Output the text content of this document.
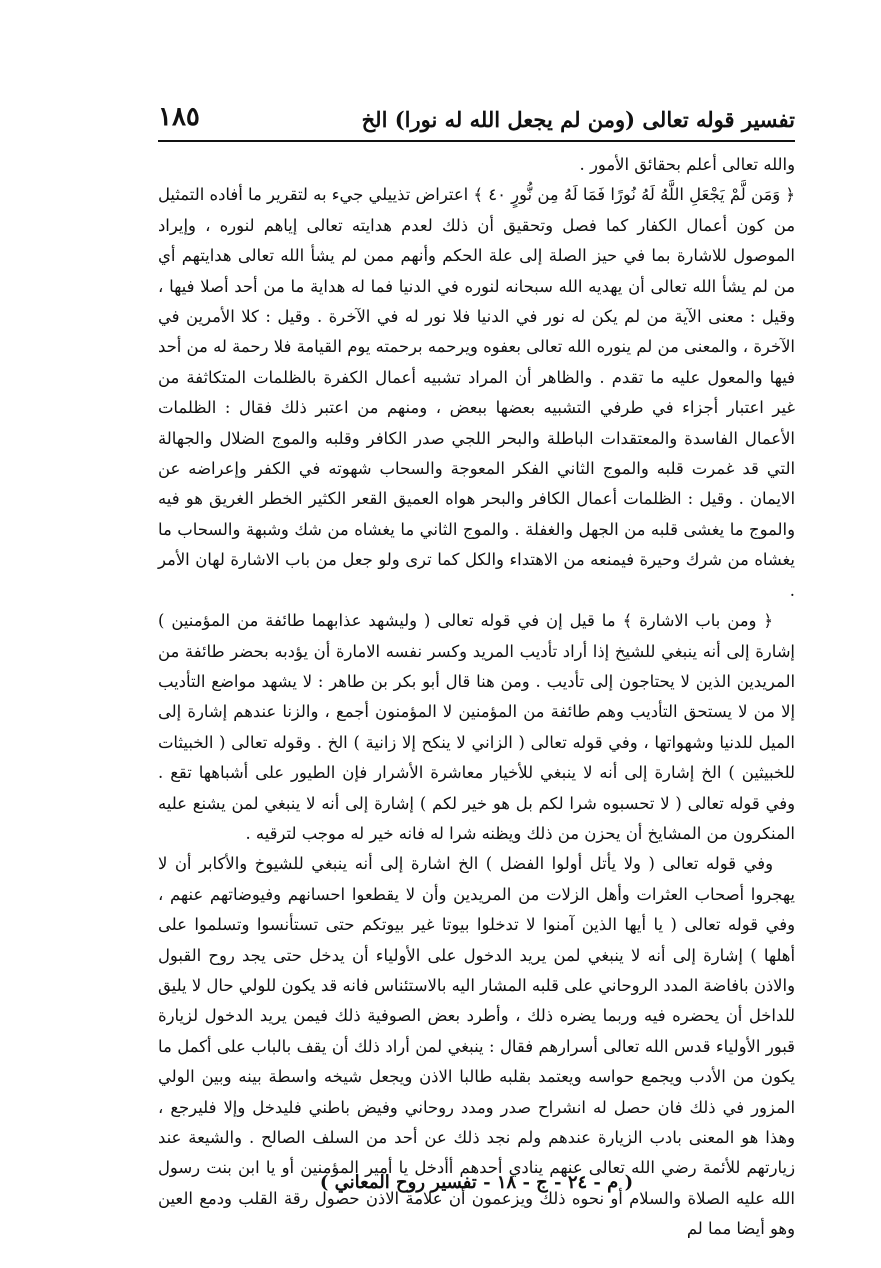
تفسير قوله تعالى (ومن لم يجعل الله له نورا) الخ
١٨٥

والله تعالى أعلم بحقائق الأمور .

﴿ وَمَن لَّمْ يَجْعَلِ اللَّهُ لَهُ نُورًا فَمَا لَهُ مِن نُّورٍ ٤٠ ﴾ اعتراض تذييلي جيء به لتقرير ما أفاده التمثيل من كون أعمال الكفار كما فصل وتحقيق أن ذلك لعدم هدايته تعالى إياهم لنوره ، وإيراد الموصول للاشارة بما في حيز الصلة إلى علة الحكم وأنهم ممن لم يشأ الله تعالى هدايتهم أي من لم يشأ الله تعالى أن يهديه الله سبحانه لنوره في الدنيا فما له هداية ما من أحد أصلا فيها ، وقيل : معنى الآية من لم يكن له نور في الدنيا فلا نور له في الآخرة . وقيل : كلا الأمرين في الآخرة ، والمعنى من لم ينوره الله تعالى بعفوه ويرحمه برحمته يوم القيامة فلا رحمة له من أحد فيها والمعول عليه ما تقدم . والظاهر أن المراد تشبيه أعمال الكفرة بالظلمات المتكاثفة من غير اعتبار أجزاء في طرفي التشبيه بعضها ببعض ، ومنهم من اعتبر ذلك فقال : الظلمات الأعمال الفاسدة والمعتقدات الباطلة والبحر اللجي صدر الكافر وقلبه والموج الضلال والجهالة التي قد غمرت قلبه والموج الثاني الفكر المعوجة والسحاب شهوته في الكفر وإعراضه عن الايمان . وقيل : الظلمات أعمال الكافر والبحر هواه العميق القعر الكثير الخطر الغريق هو فيه والموج ما يغشى قلبه من الجهل والغفلة . والموج الثاني ما يغشاه من شك وشبهة والسحاب ما يغشاه من شرك وحيرة فيمنعه من الاهتداء والكل كما ترى ولو جعل من باب الاشارة لهان الأمر .

﴿ ومن باب الاشارة ﴾ ما قيل إن في قوله تعالى ( وليشهد عذابهما طائفة من المؤمنين ) إشارة إلى أنه ينبغي للشيخ إذا أراد تأديب المريد وكسر نفسه الامارة أن يؤدبه بحضر طائفة من المريدين الذين لا يحتاجون إلى تأديب . ومن هنا قال أبو بكر بن طاهر : لا يشهد مواضع التأديب إلا من لا يستحق التأديب وهم طائفة من المؤمنين لا المؤمنون أجمع ، والزنا عندهم إشارة إلى الميل للدنيا وشهواتها ، وفي قوله تعالى ( الزاني لا ينكح إلا زانية ) الخ . وقوله تعالى ( الخبيثات للخبيثين ) الخ إشارة إلى أنه لا ينبغي للأخيار معاشرة الأشرار فإن الطيور على أشباهها تقع . وفي قوله تعالى ( لا تحسبوه شرا لكم بل هو خير لكم ) إشارة إلى أنه لا ينبغي لمن يشنع عليه المنكرون من المشايخ أن يحزن من ذلك ويظنه شرا له فانه خير له موجب لترقيه .

وفي قوله تعالى ( ولا يأتل أولوا الفضل ) الخ اشارة إلى أنه ينبغي للشيوخ والأكابر أن لا يهجروا أصحاب العثرات وأهل الزلات من المريدين وأن لا يقطعوا احسانهم وفيوضاتهم عنهم ، وفي قوله تعالى ( يا أيها الذين آمنوا لا تدخلوا بيوتا غير بيوتكم حتى تستأنسوا وتسلموا على أهلها ) إشارة إلى أنه لا ينبغي لمن يريد الدخول على الأولياء أن يدخل حتى يجد روح القبول والاذن بافاضة المدد الروحاني على قلبه المشار اليه بالاستئناس فانه قد يكون للولي حال لا يليق للداخل أن يحضره فيه وربما يضره ذلك ، وأطرد بعض الصوفية ذلك فيمن يريد الدخول لزيارة قبور الأولياء قدس الله تعالى أسرارهم فقال : ينبغي لمن أراد ذلك أن يقف بالباب على أكمل ما يكون من الأدب ويجمع حواسه ويعتمد بقلبه طالبا الاذن ويجعل شيخه واسطة بينه وبين الولي المزور في ذلك فان حصل له انشراح صدر ومدد روحاني وفيض باطني فليدخل وإلا فليرجع ، وهذا هو المعنى بادب الزيارة عندهم ولم نجد ذلك عن أحد من السلف الصالح . والشيعة عند زيارتهم للأئمة رضي الله تعالى عنهم ينادي أحدهم أأدخل يا أمير المؤمنين أو يا ابن بنت رسول الله عليه الصلاة والسلام أو نحوه ذلك ويزعمون أن علامة الاذن حصول رقة القلب ودمع العين وهو أيضا مما لم

( م - ٢٤ - ج - ١٨ - تفسير روح المعاني )
